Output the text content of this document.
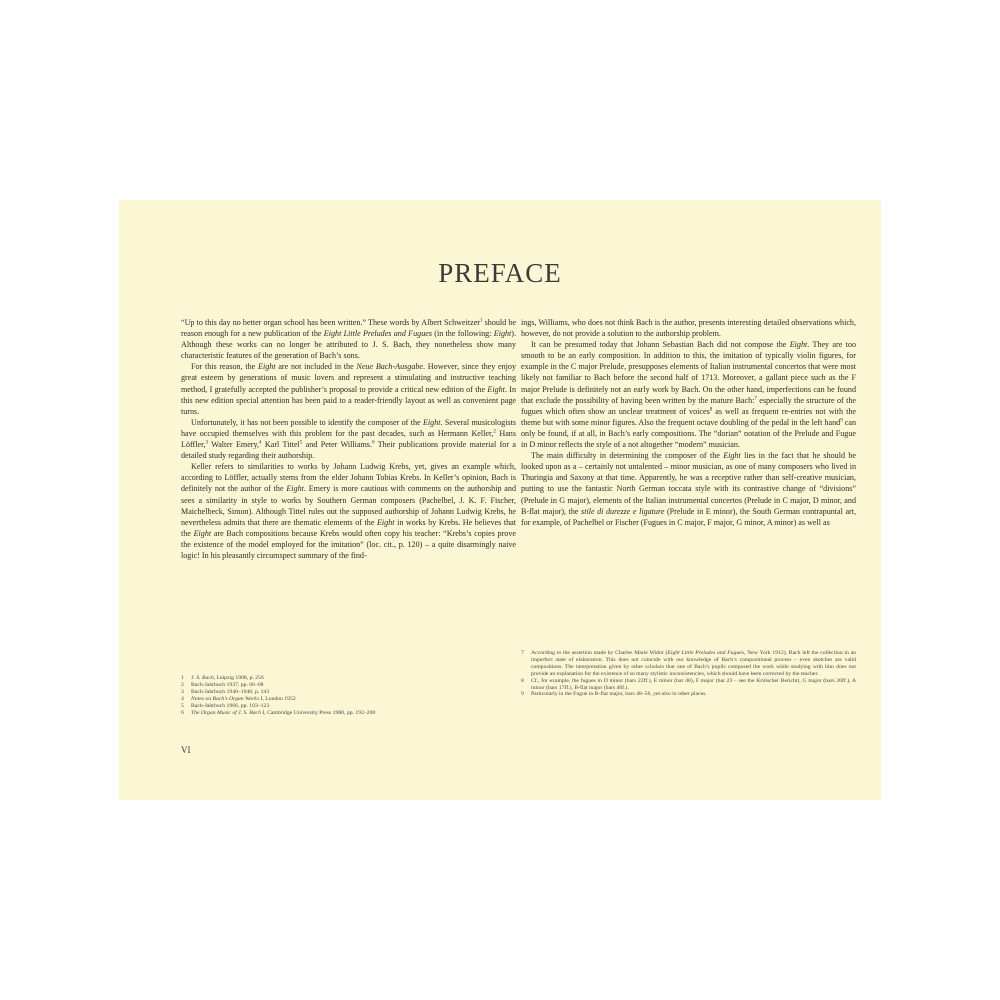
PREFACE

“Up to this day no better organ school has been written.” These words by Albert Schweitzer$^1$ should be reason enough for a new publication of the Eight Little Preludes and Fugues (in the following: Eight). Although these works can no longer be attributed to J. S. Bach, they nonetheless show many characteristic features of the generation of Bach’s sons.

For this reason, the Eight are not included in the Neue Bach-Ausgabe. However, since they enjoy great esteem by generations of music lovers and represent a stimulating and instructive teaching method, I gratefully accepted the publisher’s proposal to provide a critical new edition of the Eight. In this new edition special attention has been paid to a reader-friendly layout as well as convenient page turns.

Unfortunately, it has not been possible to identify the composer of the Eight. Several musicologists have occupied themselves with this problem for the past decades, such as Hermann Keller,$^2$ Hans Löffler,$^3$ Walter Emery,$^4$ Karl Tittel$^5$ and Peter Williams.$^6$ Their publications provide material for a detailed study regarding their authorship.

Keller refers to similarities to works by Johann Ludwig Krebs, yet, gives an example which, according to Löffler, actually stems from the elder Johann Tobias Krebs. In Keller’s opinion, Bach is definitely not the author of the Eight. Emery is more cautious with comments on the authorship and sees a similarity in style to works by Southern German composers (Pachelbel, J. K. F. Fischer, Maichelbeck, Simon). Although Tittel rules out the supposed authorship of Johann Ludwig Krebs, he nevertheless admits that there are thematic elements of the Eight in works by Krebs. He believes that the Eight are Bach compositions because Krebs would often copy his teacher: “Krebs’s copies prove the existence of the model employed for the imitation” (loc. cit., p. 120) – a quite disarmingly naive logic! In his pleasantly circumspect summary of the find-

ings, Williams, who does not think Bach is the author, presents interesting detailed observations which, however, do not provide a solution to the authorship problem.

It can be presumed today that Johann Sebastian Bach did not compose the Eight. They are too smooth to be an early composition. In addition to this, the imitation of typically violin figures, for example in the C major Prelude, presupposes elements of Italian instrumental concertos that were most likely not familiar to Bach before the second half of 1713. Moreover, a gallant piece such as the F major Prelude is definitely not an early work by Bach. On the other hand, imperfections can be found that exclude the possibility of having been written by the mature Bach:$^7$ especially the structure of the fugues which often show an unclear treatment of voices$^8$ as well as frequent re-entries not with the theme but with some minor figures. Also the frequent octave doubling of the pedal in the left hand$^9$ can only be found, if at all, in Bach’s early compositions. The “dorian” notation of the Prelude and Fugue in D minor reflects the style of a not altogether “modern” musician.

The main difficulty in determining the composer of the Eight lies in the fact that he should be looked upon as a – certainly not untalented – minor musician, as one of many composers who lived in Thuringia and Saxony at that time. Apparently, he was a receptive rather than self-creative musician, putting to use the fantastic North German toccata style with its contrastive change of “divisions” (Prelude in G major), elements of the Italian instrumental concertos (Prelude in C major, D minor, and B-flat major), the stile di durezze e ligature (Prelude in E minor), the South German contrapuntal art, for example, of Pachelbel or Fischer (Fugues in C major, F major, G minor, A minor) as well as

1	J. S. Bach, Leipzig 1908, p. 256
2	Bach-Jahrbuch 1937, pp. 66–68
3	Bach-Jahrbuch 1940–1948, p. 143
4	Notes on Bach’s Organ Works I, London 1952
5	Bach-Jahrbuch 1966, pp. 103–123
6	The Organ Music of J. S. Bach I, Cambridge University Press 1980, pp. 192–200
7	According to the assertion made by Charles Marie Widor (Eight Little Preludes and Fugues, New York 1912), Bach left the collection in an imperfect state of elaboration. This does not coincide with our knowledge of Bach’s compositional process – even sketches are valid compositions. The interpretation given by other scholars that one of Bach’s pupils composed the work while studying with him does not provide an explanation for the existence of so many stylistic inconsistencies, which should have been corrected by the teacher.
8	Cf., for example, the fugues in D minor (bars 22ff.), E minor (bar 48), F major (bar 23 – see the Kritischer Bericht), G major (bars 20ff.), A minor (bars 17ff.), B-flat major (bars 46f.).
9	Particularly in the Fugue in B-flat major, bars 48–56, yet also in other places.
VI
